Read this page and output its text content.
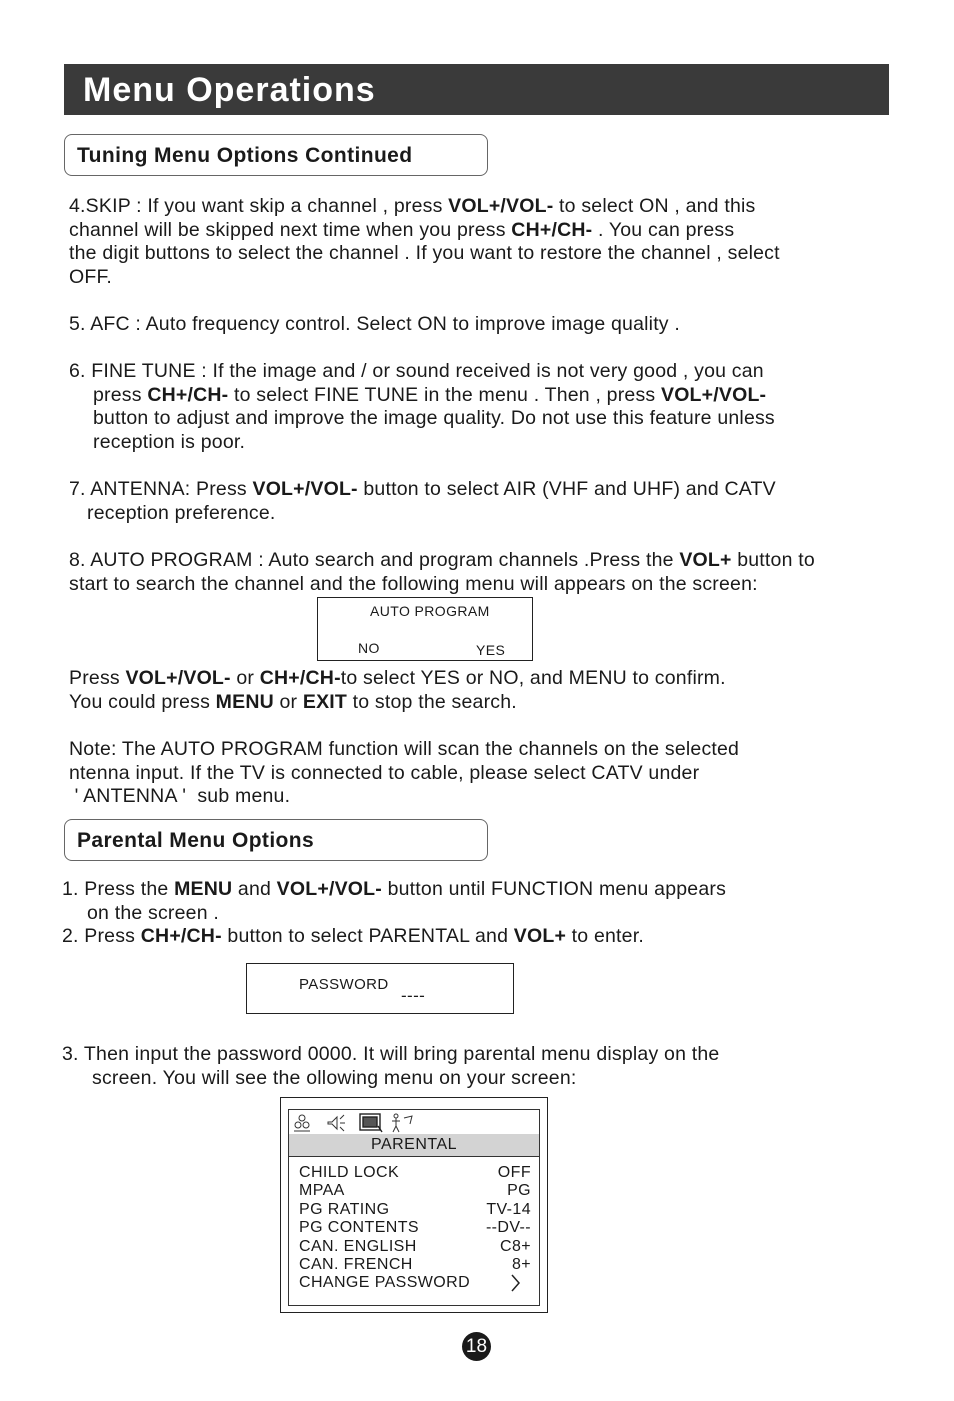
Menu Operations
Tuning Menu Options Continued
4.SKIP : If you want skip a channel , press VOL+/VOL- to select ON , and this
channel will be skipped next time when you press CH+/CH- . You can press
the digit buttons to select the channel . If you want to restore the channel , select
OFF.
5. AFC : Auto frequency control. Select ON to improve image quality .
6. FINE TUNE : If the image and / or sound received is not very good , you can
press CH+/CH- to select FINE TUNE in the menu . Then , press VOL+/VOL-
button to adjust and improve the image quality. Do not use this feature unless
reception is poor.
7. ANTENNA: Press VOL+/VOL- button to select AIR (VHF and UHF) and CATV
reception preference.
8. AUTO PROGRAM : Auto search and program channels .Press the VOL+ button to
start to search the channel and the following menu will appears on the screen:
AUTO PROGRAM
NO	YES
Press VOL+/VOL- or CH+/CH-to select YES or NO, and MENU to confirm.
You could press MENU or EXIT to stop the search.
Note: The AUTO PROGRAM function will scan the channels on the selected
ntenna input. If the TV is connected to cable, please select CATV under
' ANTENNA '  sub menu.
Parental Menu Options
1. Press the MENU and VOL+/VOL- button until FUNCTION menu appears
on the screen .
2. Press CH+/CH- button to select PARENTAL and VOL+ to enter.
PASSWORD
----
3. Then input the password 0000. It will bring parental menu display on the
screen. You will see the ollowing menu on your screen:
PARENTAL
CHILD LOCK	OFF
MPAA	PG
PG RATING	TV-14
PG CONTENTS	--DV--
CAN. ENGLISH	C8+
CAN. FRENCH	8+
CHANGE PASSWORD
18
